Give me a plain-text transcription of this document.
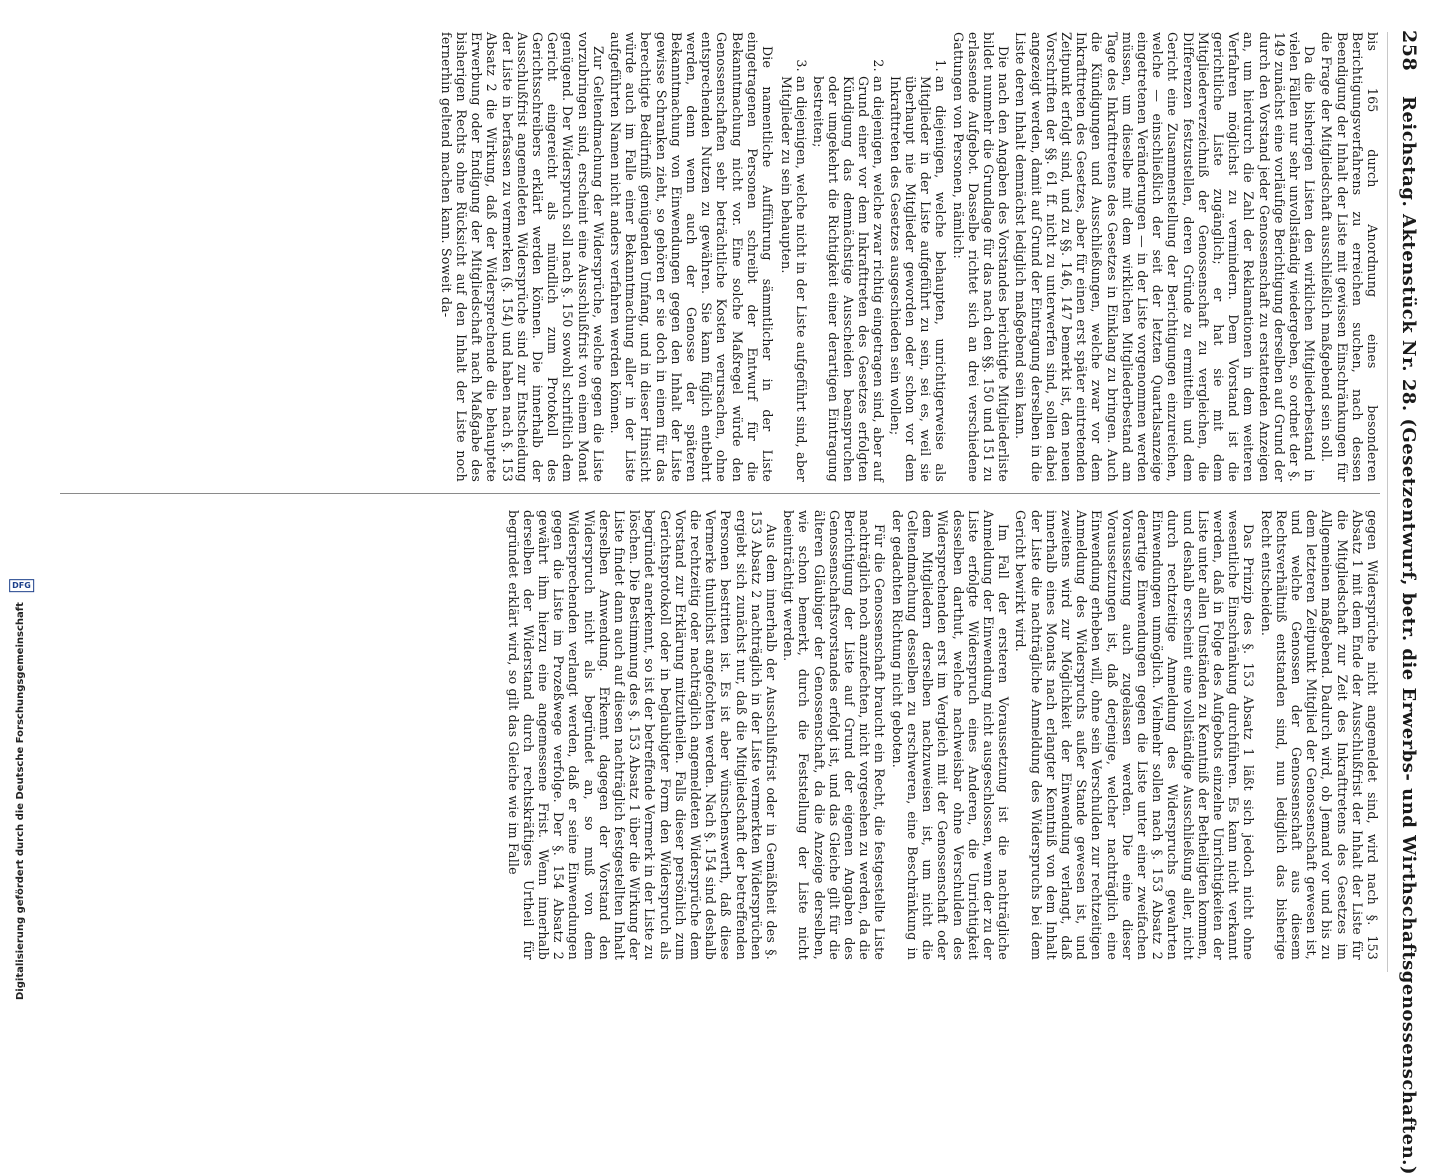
258 Reichstag. Aktenstück Nr. 28. (Gesetzentwurf, betr. die Erwerbs- und Wirthschaftsgenossenschaften.)

bis 165 durch Anordnung eines besonderen Berichtigungsverfahrens zu erreichen suchen, nach dessen Beendigung der Inhalt der Liste mit gewissen Einschränkungen für die Frage der Mitgliedschaft ausschließlich maßgebend sein soll.

Da die bisherigen Listen den wirklichen Mitgliederbestand in vielen Fällen nur sehr unvollständig wiedergeben, so ordnet der §. 149 zunächst eine vorläufige Berichtigung derselben auf Grund der durch den Vorstand jeder Genossenschaft zu erstattenden Anzeigen an, um hierdurch die Zahl der Reklamationen in dem weiteren Verfahren möglichst zu vermindern. Dem Vorstand ist die gerichtliche Liste zugänglich; er hat sie mit dem Mitgliederverzeichniß der Genossenschaft zu vergleichen, die Differenzen festzustellen, deren Gründe zu ermitteln und dem Gericht eine Zusammenstellung der Berichtigungen einzureichen, welche — einschließlich der seit der letzten Quartalsanzeige eingetretenen Veränderungen — in der Liste vorgenommen werden müssen, um dieselbe mit dem wirklichen Mitgliederbestand am Tage des Inkrafttretens des Gesetzes in Einklang zu bringen. Auch die Kündigungen und Ausschließungen, welche zwar vor dem Inkrafttreten des Gesetzes, aber für einen erst später eintretenden Zeitpunkt erfolgt sind, und zu §§. 146, 147 bemerkt ist, den neuen Vorschriften der §§. 61 ff. nicht zu unterwerfen sind, sollen dabei angezeigt werden, damit auf Grund der Eintragung derselben in die Liste deren Inhalt demnächst lediglich maßgebend sein kann.

Die nach den Angaben des Vorstandes berichtigte Mitgliederliste bildet nunmehr die Grundlage für das nach den §§. 150 und 151 zu erlassende Aufgebot. Dasselbe richtet sich an drei verschiedene Gattungen von Personen, nämlich:

1. an diejenigen, welche behaupten, unrichtigerweise als Mitglieder in der Liste aufgeführt zu sein, sei es, weil sie überhaupt nie Mitglieder geworden oder schon vor dem Inkrafttreten des Gesetzes ausgeschieden sein wollen;
2. an diejenigen, welche zwar richtig eingetragen sind, aber auf Grund einer vor dem Inkrafttreten des Gesetzes erfolgten Kündigung das demnächstige Ausscheiden beanspruchen oder umgekehrt die Richtigkeit einer derartigen Eintragung bestreiten;
3. an diejenigen, welche nicht in der Liste aufgeführt sind, aber Mitglieder zu sein behaupten.

Die namentliche Aufführung sämmtlicher in der Liste eingetragenen Personen schreibt der Entwurf für die Bekanntmachung nicht vor. Eine solche Maßregel würde den Genossenschaften sehr beträchtliche Kosten verursachen, ohne entsprechenden Nutzen zu gewähren. Sie kann füglich entbehrt werden, denn wenn auch der Genosse der späteren Bekanntmachung von Einwendungen gegen den Inhalt der Liste gewisse Schranken zieht, so gehören er sie doch in einem für das berechtigte Bedürfniß genügenden Umfang, und in dieser Hinsicht würde auch im Falle einer Bekanntmachung aller in der Liste aufgeführten Namen nicht anders verfahren werden können.

Zur Geltendmachung der Widersprüche, welche gegen die Liste vorzubringen sind, erscheint eine Ausschlußfrist von einem Monat genügend. Der Widerspruch soll nach §. 150 sowohl schriftlich dem Gericht eingereicht als mündlich zum Protokoll des Gerichtsschreibers erklärt werden können. Die innerhalb der Ausschlußfrist angemeldeten Widersprüche sind zur Entscheidung der Liste in berfassen zu vermerken (§. 154) und haben nach §. 153 Absatz 2 die Wirkung, daß der Widersprechende die behauptete Erwerbung oder Endigung der Mitgliedschaft nach Maßgabe des bisherigen Rechts ohne Rücksicht auf den Inhalt der Liste noch fernerhin geltend machen kann. Soweit da-

gegen Widersprüche nicht angemeldet sind, wird nach §. 153 Absatz 1 mit dem Ende der Ausschlußfrist der Inhalt der Liste für die Mitgliedschaft zur Zeit des Inkrafttretens des Gesetzes im Allgemeinen maßgebend. Dadurch wird, ob Jemand vor und bis zu dem letzteren Zeitpunkt Mitglied der Genossenschaft gewesen ist, und welche Genossen der Genossenschaft aus diesem Rechtsverhältniß entstanden sind, nun lediglich das bisherige Recht entscheiden.

Das Prinzip des §. 153 Absatz 1 läßt sich jedoch nicht ohne wesentliche Einschränkung durchführen. Es kann nicht verkannt werden, daß in Folge des Aufgebots einzelne Unrichtigkeiten der Liste unter allen Umständen zu Kenntniß der Betheiligten kommen, und deshalb erscheint eine vollständige Ausschließung aller, nicht durch rechtzeitige Anmeldung des Widerspruchs gewahrten Einwendungen unmöglich. Vielmehr sollen nach §. 153 Absatz 2 derartige Einwendungen gegen die Liste unter einer zweifachen Voraussetzung auch zugelassen werden. Die eine dieser Voraussetzungen ist, daß derjenige, welcher nachträglich eine Einwendung erheben will, ohne sein Verschulden zur rechtzeitigen Anmeldung des Widerspruchs außer Stande gewesen ist, und zweitens wird zur Möglichkeit der Einwendung verlangt, daß innerhalb eines Monats nach erlangter Kenntniß von dem Inhalt der Liste die nachträgliche Anmeldung des Widerspruchs bei dem Gericht bewirkt wird.

Im Fall der ersteren Voraussetzung ist die nachträgliche Anmeldung der Einwendung nicht ausgeschlossen, wenn der zu der Liste erfolgte Widerspruch eines Anderen, die Unrichtigkeit desselben darthut, welche nachweisbar ohne Verschulden des Widersprechenden erst im Vergleich mit der Genossenschaft oder dem Mitgliedern derselben nachzuweisen ist, um nicht die Geltendmachung desselben zu erschweren, eine Beschränkung in der gedachten Richtung nicht geboten.

Für die Genossenschaft braucht ein Recht, die festgestellte Liste nachträglich noch anzufechten, nicht vorgesehen zu werden, da die Berichtigung der Liste auf Grund der eigenen Angaben des Genossenschaftsvorstandes erfolgt ist, und das Gleiche gilt für die älteren Gläubiger der Genossenschaft, da die Anzeige derselben, wie schon bemerkt, durch die Feststellung der Liste nicht beeinträchtigt werden.

Aus dem innerhalb der Ausschlußfrist oder in Gemäßheit des §. 153 Absatz 2 nachträglich in der Liste vermerkten Widersprüchen ergiebt sich zunächst nur, daß die Mitgliedschaft der betreffenden Personen bestritten ist. Es ist aber wünschenswerth, daß diese Vermerke thunlichst angefochten werden. Nach §. 154 sind deshalb die rechtzeitig oder nachträglich angemeldeten Widersprüche dem Vorstand zur Erklärung mitzutheilen. Falls dieser persönlich zum Gerichtsprotokoll oder in beglaubigter Form den Widerspruch als begründet anerkennt, so ist der betreffende Vermerk in der Liste zu löschen. Die Bestimmung des §. 153 Absatz 1 über die Wirkung der Liste findet dann auch auf diesen nachträglich festgestellten Inhalt derselben Anwendung. Erkennt dagegen der Vorstand den Widerspruch nicht als begründet an, so muß von dem Widersprechenden verlangt werden, daß er seine Einwendungen gegen die Liste im Prozeßwege verfolge. Der §. 154 Absatz 2 gewährt ihm hierzu eine angemessene Frist. Wenn innerhalb derselben der Widerstand durch rechtskräftiges Urtheil für begründet erklärt wird, so gilt das Gleiche wie im Falle

Digitalisierung gefördert durch die Deutsche Forschungsgemeinschaft
DFG
